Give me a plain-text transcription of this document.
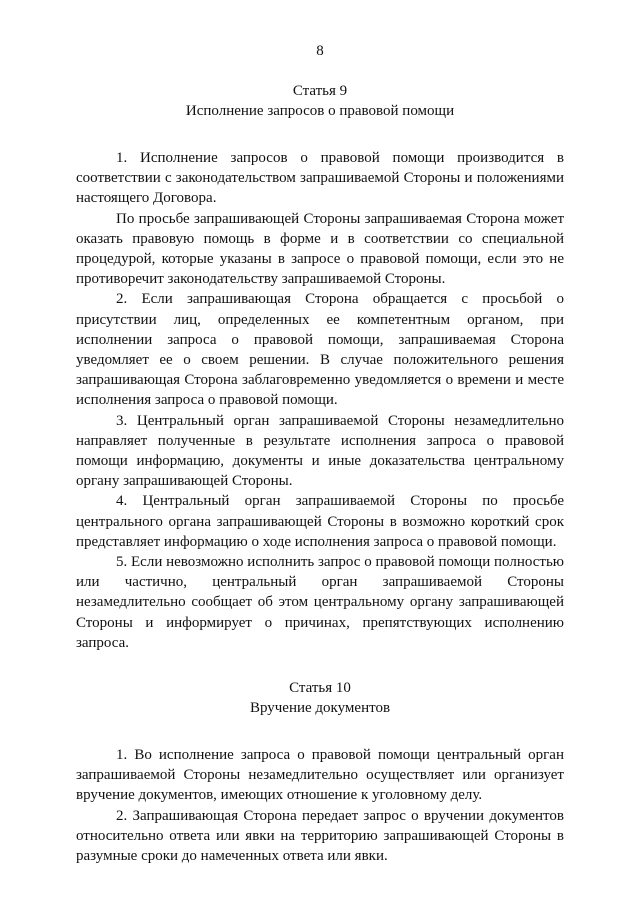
8
Статья 9
Исполнение запросов о правовой помощи

1. Исполнение запросов о правовой помощи производится в соответствии с законодательством запрашиваемой Стороны и положениями настоящего Договора.

По просьбе запрашивающей Стороны запрашиваемая Сторона может оказать правовую помощь в форме и в соответствии со специальной процедурой, которые указаны в запросе о правовой помощи, если это не противоречит законодательству запрашиваемой Стороны.

2. Если запрашивающая Сторона обращается с просьбой о присутствии лиц, определенных ее компетентным органом, при исполнении запроса о правовой помощи, запрашиваемая Сторона уведомляет ее о своем решении. В случае положительного решения запрашивающая Сторона заблаговременно уведомляется о времени и месте исполнения запроса о правовой помощи.

3. Центральный орган запрашиваемой Стороны незамедлительно направляет полученные в результате исполнения запроса о правовой помощи информацию, документы и иные доказательства центральному органу запрашивающей Стороны.

4. Центральный орган запрашиваемой Стороны по просьбе центрального органа запрашивающей Стороны в возможно короткий срок представляет информацию о ходе исполнения запроса о правовой помощи.

5. Если невозможно исполнить запрос о правовой помощи полностью или частично, центральный орган запрашиваемой Стороны незамедлительно сообщает об этом центральному органу запрашивающей Стороны и информирует о причинах, препятствующих исполнению запроса.

Статья 10
Вручение документов

1. Во исполнение запроса о правовой помощи центральный орган запрашиваемой Стороны незамедлительно осуществляет или организует вручение документов, имеющих отношение к уголовному делу.

2. Запрашивающая Сторона передает запрос о вручении документов относительно ответа или явки на территорию запрашивающей Стороны в разумные сроки до намеченных ответа или явки.
